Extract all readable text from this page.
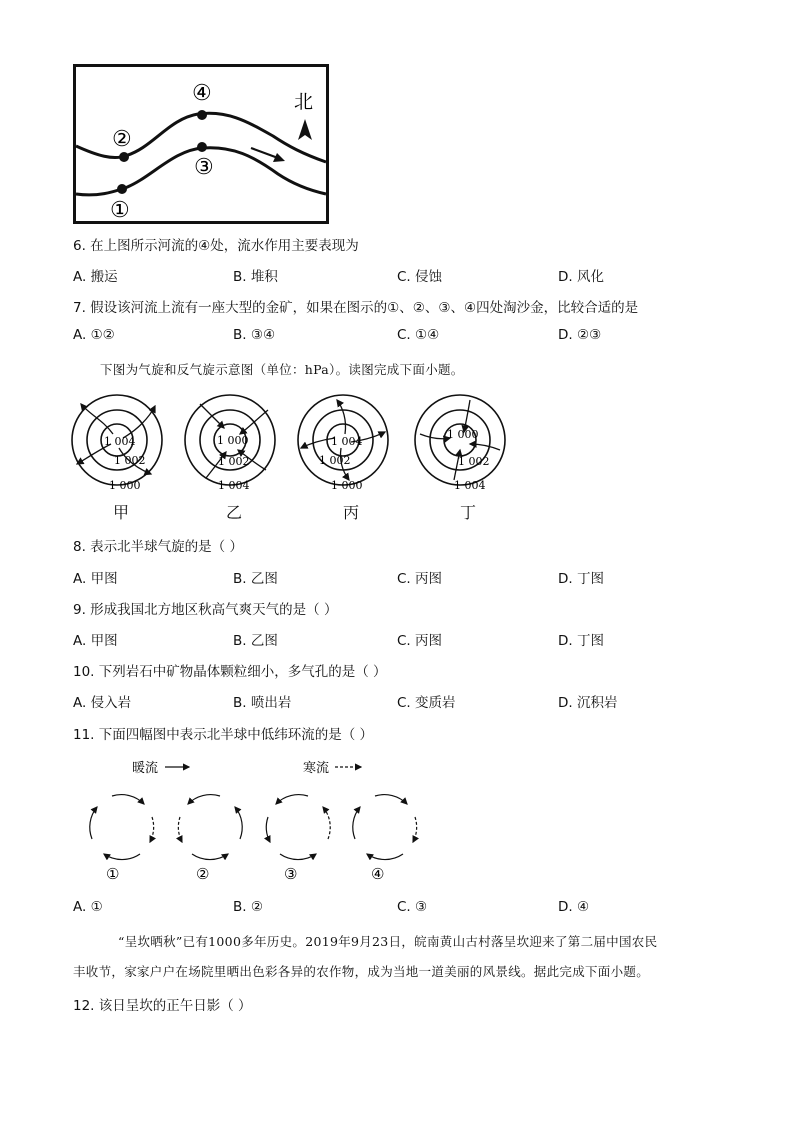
北
①
②
③
④
6. 在上图所示河流的④处，流水作用主要表现为
A. 搬运	B. 堆积	C. 侵蚀	D. 风化
7. 假设该河流上流有一座大型的金矿，如果在图示的①、②、③、④四处淘沙金，比较合适的是
A. ①②	B. ③④	C. ①④	D. ②③
下图为气旋和反气旋示意图（单位：hPa）。读图完成下面小题。
1 004
1 002
1 000
1 000
1 002
1 004
1 004
1 002
1 000
1 000
1 002
1 004
甲	乙	丙	丁
8. 表示北半球气旋的是（ ）
A. 甲图	B. 乙图	C. 丙图	D. 丁图
9. 形成我国北方地区秋高气爽天气的是（ ）
A. 甲图	B. 乙图	C. 丙图	D. 丁图
10. 下列岩石中矿物晶体颗粒细小，多气孔的是（ ）
A. 侵入岩	B. 喷出岩	C. 变质岩	D. 沉积岩
11. 下面四幅图中表示北半球中低纬环流的是（ ）
暖流	寒流
①	②	③	④
A. ①	B. ②	C. ③	D. ④
“呈坎晒秋”已有1000多年历史。2019年9月23日，皖南黄山古村落呈坎迎来了第二届中国农民
丰收节，家家户户在场院里晒出色彩各异的农作物，成为当地一道美丽的风景线。据此完成下面小题。
12. 该日呈坎的正午日影（ ）
